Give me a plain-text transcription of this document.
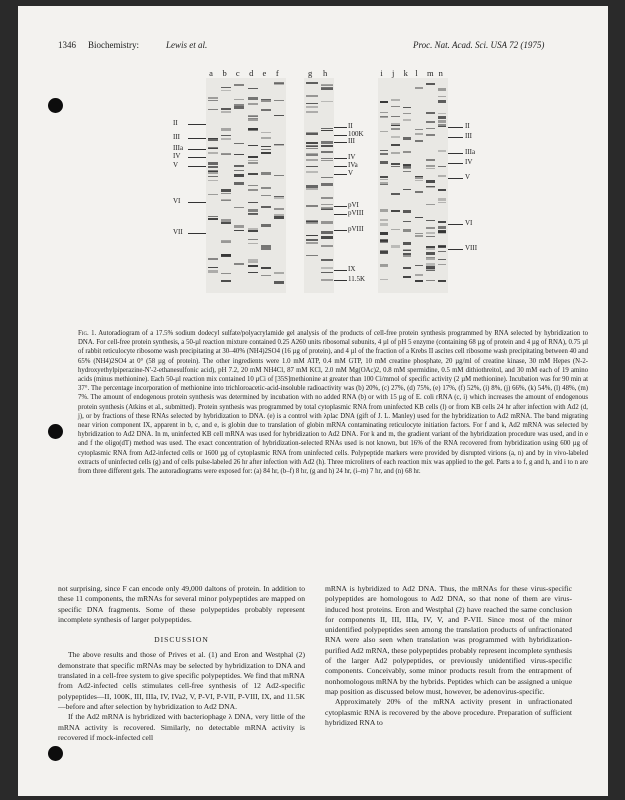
1346 Biochemistry:	Lewis et al.	Proc. Nat. Acad. Sci. USA 72 (1975)
a b c d e f	g h	i j k l m n
II
III
IIIa
IV
V
VI
VII
II
100K
III
IV
IVa
V
pVI
pVIII
pVIII
IX
11.5K
II
III
IIIa
IV
V
VI
VIII
Fig. 1. Autoradiogram of a 17.5% sodium dodecyl sulfate/polyacrylamide gel analysis of the products of cell-free protein synthesis programmed by RNA selected by hybridization to DNA. For cell-free protein synthesis, a 50-µl reaction mixture contained 0.25 A260 units ribosomal subunits, 4 µl of pH 5 enzyme (containing 68 µg of protein and 4 µg of RNA), 0.75 µl of rabbit reticulocyte ribosome wash precipitating at 30–40% (NH4)2SO4 (16 µg of protein), and 4 µl of the fraction of a Krebs II ascites cell ribosome wash precipitating between 40 and 65% (NH4)2SO4 at 0° (58 µg of protein). The other ingredients were 1.0 mM ATP, 0.4 mM GTP, 10 mM creatine phosphate, 20 µg/ml of creatine kinase, 30 mM Hepes (N-2-hydroxyethylpiperazine-N'-2-ethanesulfonic acid), pH 7.2, 20 mM NH4Cl, 87 mM KCl, 2.0 mM Mg(OAc)2, 0.8 mM spermidine, 0.5 mM dithiothreitol, and 30 mM each of 19 amino acids (minus methionine). Each 50-µl reaction mix contained 10 µCi of [35S]methionine at greater than 100 Ci/mmol of specific activity (2 µM methionine). Incubation was for 90 min at 37°. The percentage incorporation of methionine into trichloroacetic-acid-insoluble radioactivity was (b) 20%, (c) 27%, (d) 75%, (e) 17%, (f) 52%, (i) 8%, (j) 66%, (k) 54%, (l) 48%, (m) 7%. The amount of endogenous protein synthesis was determined by incubation with no added RNA (b) or with 15 µg of E. coli rRNA (c, i) which increases the amount of endogenous protein synthesis (Atkins et al., submitted). Protein synthesis was programmed by total cytoplasmic RNA from uninfected KB cells (l) or from KB cells 24 hr after infection with Ad2 (d, j), or by fractions of these RNAs selected by hybridization to DNA. (e) is a control with λplac DNA (gift of J. L. Manley) used for the hybridization to Ad2 mRNA. The band migrating near virion component IX, apparent in b, c, and e, is globin due to translation of globin mRNA contaminating reticulocyte initiation factors. For f and k, Ad2 mRNA was selected by hybridization to Ad2 DNA. In m, uninfected KB cell mRNA was used for hybridization to Ad2 DNA. For k and m, the gradient variant of the hybridization procedure was used, and in e and f the oligo(dT) method was used. The exact concentration of hybridization-selected RNAs used is not known, but 16% of the RNA recovered from hybridization using 600 µg of cytoplasmic RNA from Ad2-infected cells or 1600 µg of cytoplasmic RNA from uninfected cells. Polypeptide markers were provided by disrupted virions (a, n) and by in vivo-labeled extracts of uninfected cells (g) and of cells pulse-labeled 26 hr after infection with Ad2 (h). Three microliters of each reaction mix was applied to the gel. Parts a to f, g and h, and i to n are from three different gels. The autoradiograms were exposed for: (a) 84 hr, (b–f) 8 hr, (g and h) 24 hr, (i–m) 7 hr, and (n) 68 hr.

not surprising, since F can encode only 49,000 daltons of protein. In addition to these 11 components, the mRNAs for several minor polypeptides are mapped on specific DNA fragments. Some of these polypeptides probably represent incomplete synthesis of larger polypeptides.

DISCUSSION

The above results and those of Prives et al. (1) and Eron and Westphal (2) demonstrate that specific mRNAs may be selected by hybridization to DNA and translated in a cell-free system to give specific polypeptides. We find that mRNA from Ad2-infected cells stimulates cell-free synthesis of 12 Ad2-specific polypeptides—II, 100K, III, IIIa, IV, IVa2, V, P-VI, P-VII, P-VIII, IX, and 11.5K—before and after selection by hybridization to Ad2 DNA.

If the Ad2 mRNA is hybridized with bacteriophage λ DNA, very little of the mRNA activity is recovered. Similarly, no detectable mRNA activity is recovered if mock-infected cell

mRNA is hybridized to Ad2 DNA. Thus, the mRNAs for these virus-specific polypeptides are homologous to Ad2 DNA, so that none of them are virus-induced host proteins. Eron and Westphal (2) have reached the same conclusion for components II, III, IIIa, IV, V, and P-VII. Since most of the minor unidentified polypeptides seen among the translation products of unfractionated RNA were also seen when translation was programmed with hybridization-purified Ad2 mRNA, these polypeptides probably represent incomplete synthesis of the larger Ad2 polypeptides, or previously unidentified virus-specific components. Conceivably, some minor products result from the entrapment of nonhomologous mRNA by the hybrids. Peptides which can be assigned a unique map position as discussed below must, however, be adenovirus-specific.

Approximately 20% of the mRNA activity present in unfractionated cytoplasmic RNA is recovered by the above procedure. Preparation of sufficient hybridized RNA to
